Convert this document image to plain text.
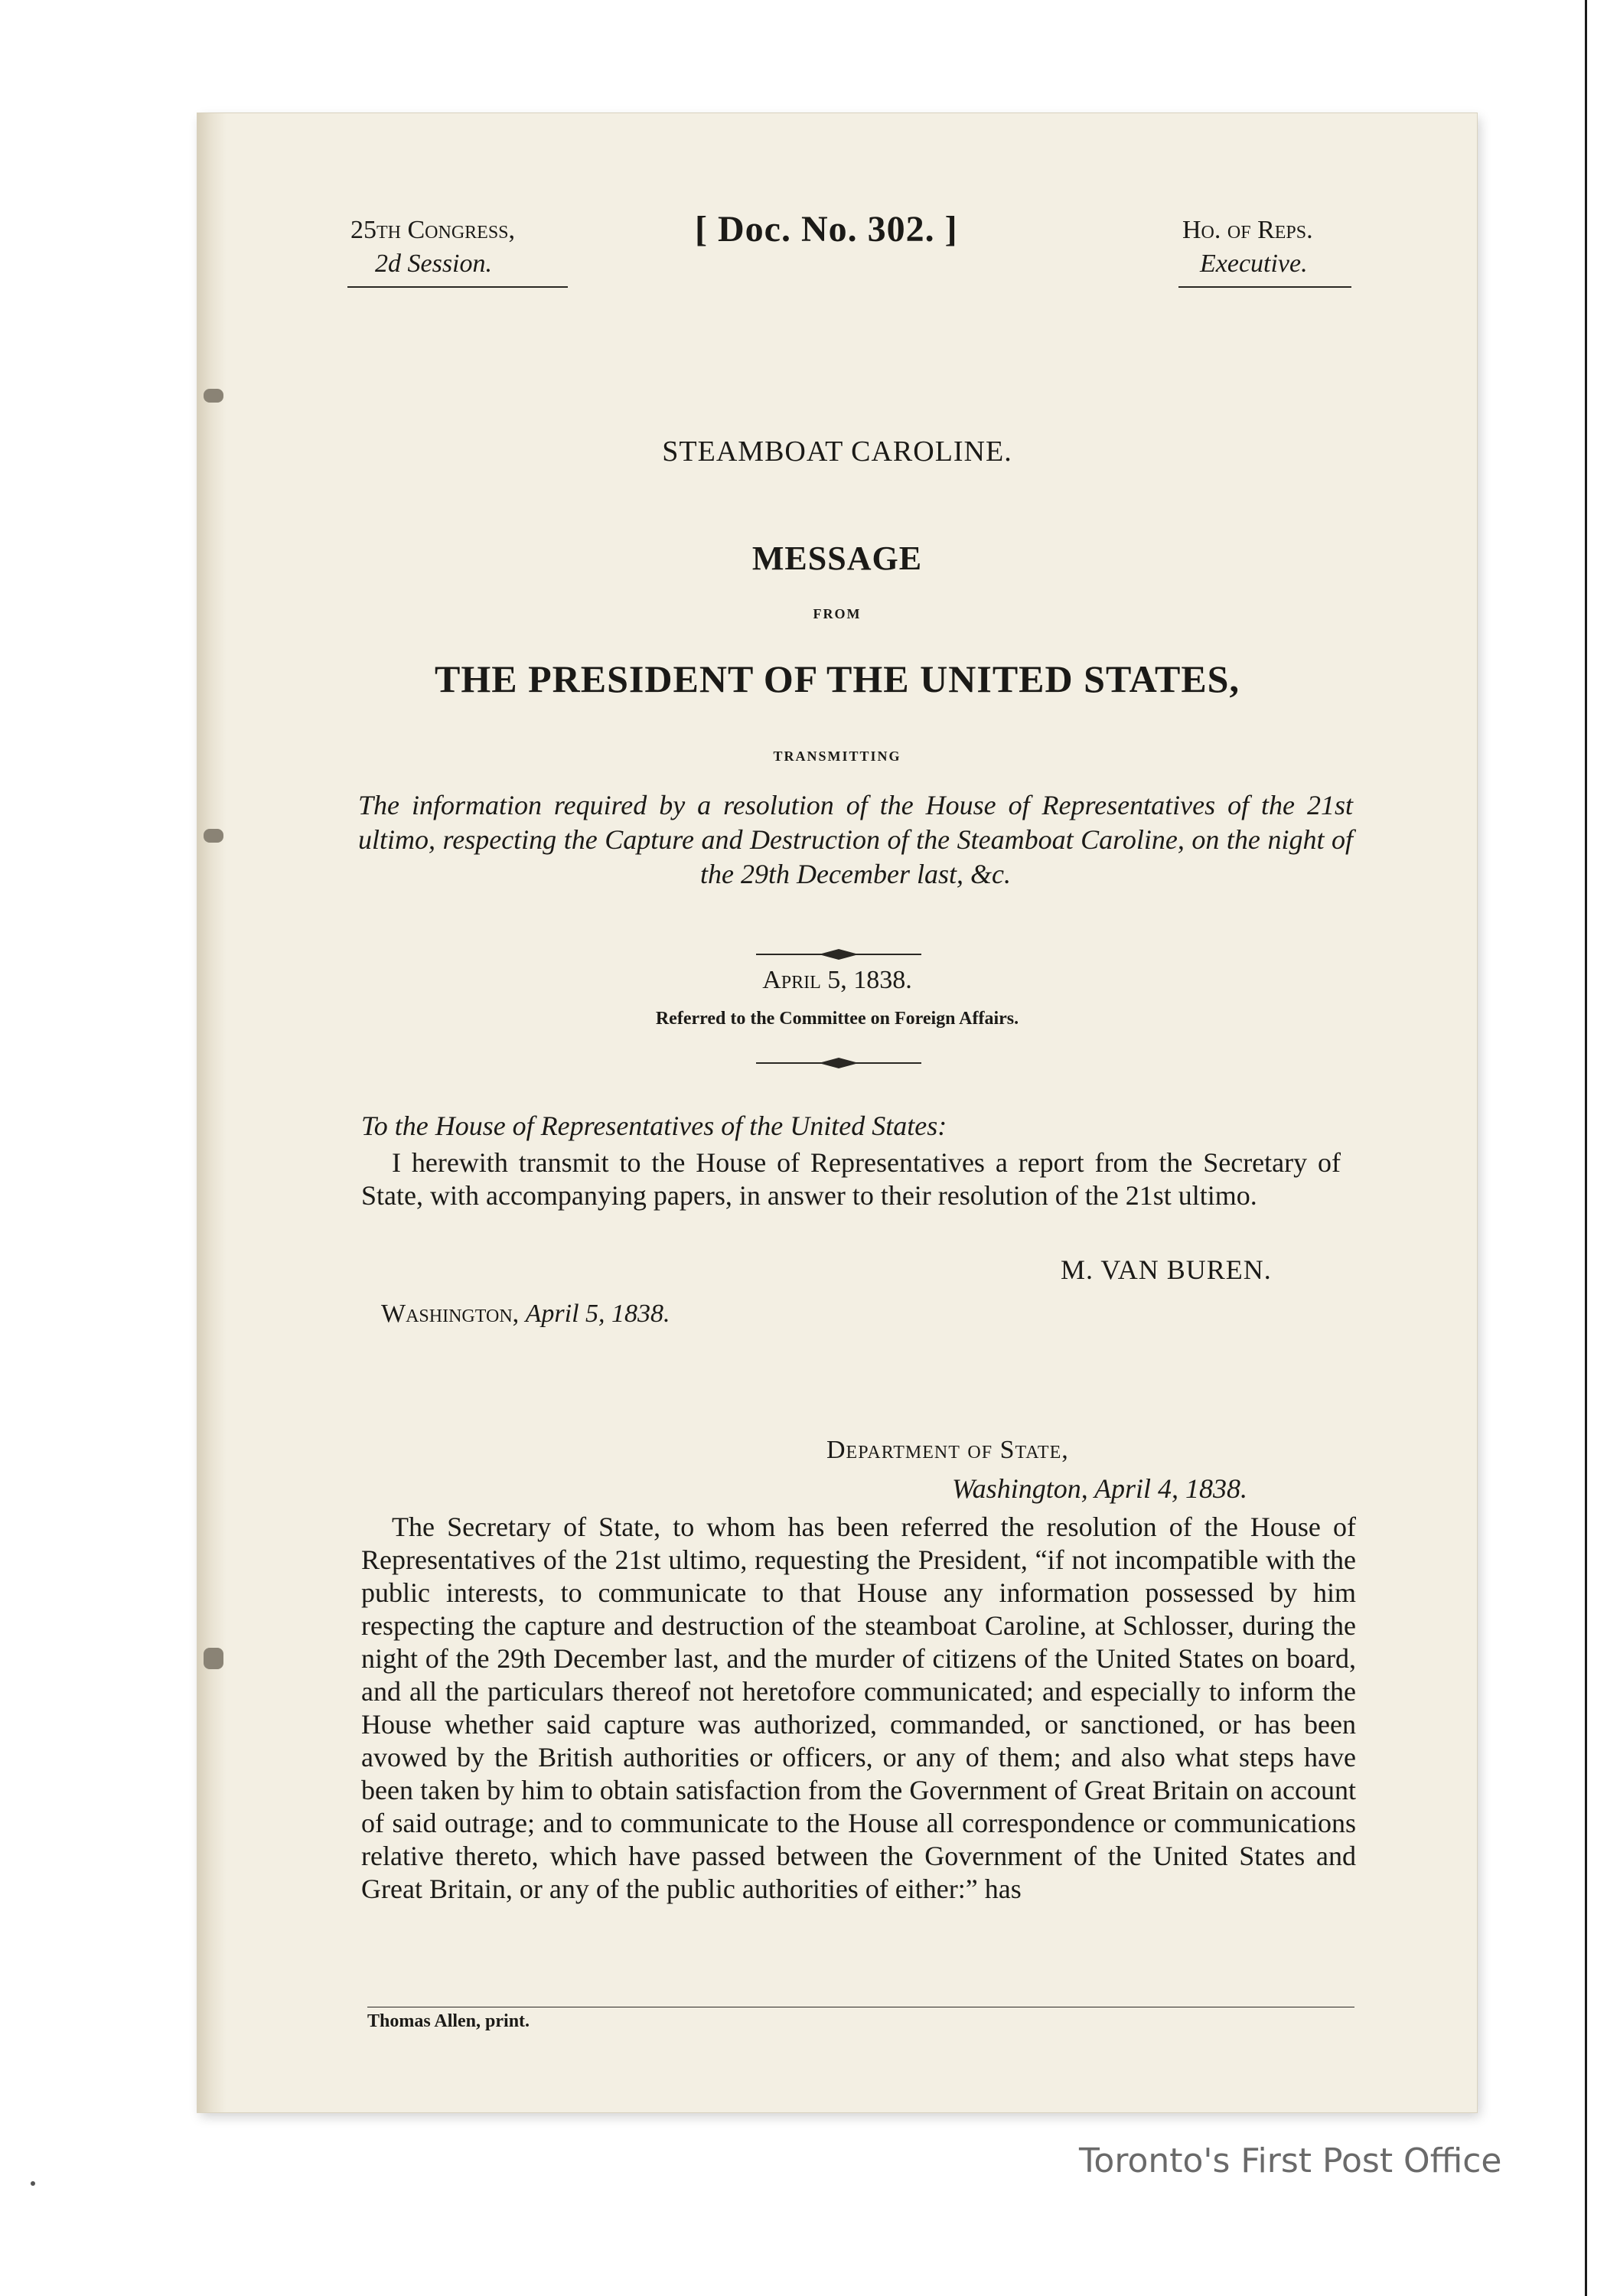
25th Congress,
2d Session.
[ Doc. No. 302. ]	Ho. of Reps.
Executive.
STEAMBOAT CAROLINE.
MESSAGE
FROM
THE PRESIDENT OF THE UNITED STATES,
TRANSMITTING
The information required by a resolution of the House of Representatives of the 21st ultimo, respecting the Capture and Destruction of the Steamboat Caroline, on the night of the 29th December last, &c.
April 5, 1838.
Referred to the Committee on Foreign Affairs.
To the House of Representatives of the United States:
I herewith transmit to the House of Representatives a report from the Secretary of State, with accompanying papers, in answer to their resolution of the 21st ultimo.
M. VAN BUREN.
Washington, April 5, 1838.
Department of State,
Washington, April 4, 1838.
The Secretary of State, to whom has been referred the resolution of the House of Representatives of the 21st ultimo, requesting the President, “if not incompatible with the public interests, to communicate to that House any information possessed by him respecting the capture and destruction of the steamboat Caroline, at Schlosser, during the night of the 29th December last, and the murder of citizens of the United States on board, and all the particulars thereof not heretofore communicated; and especially to inform the House whether said capture was authorized, commanded, or sanctioned, or has been avowed by the British authorities or officers, or any of them; and also what steps have been taken by him to obtain satisfaction from the Government of Great Britain on account of said outrage; and to communicate to the House all correspondence or communications relative thereto, which have passed between the Government of the United States and Great Britain, or any of the public authorities of either:” has
Thomas Allen, print.
Toronto's First Post Office
